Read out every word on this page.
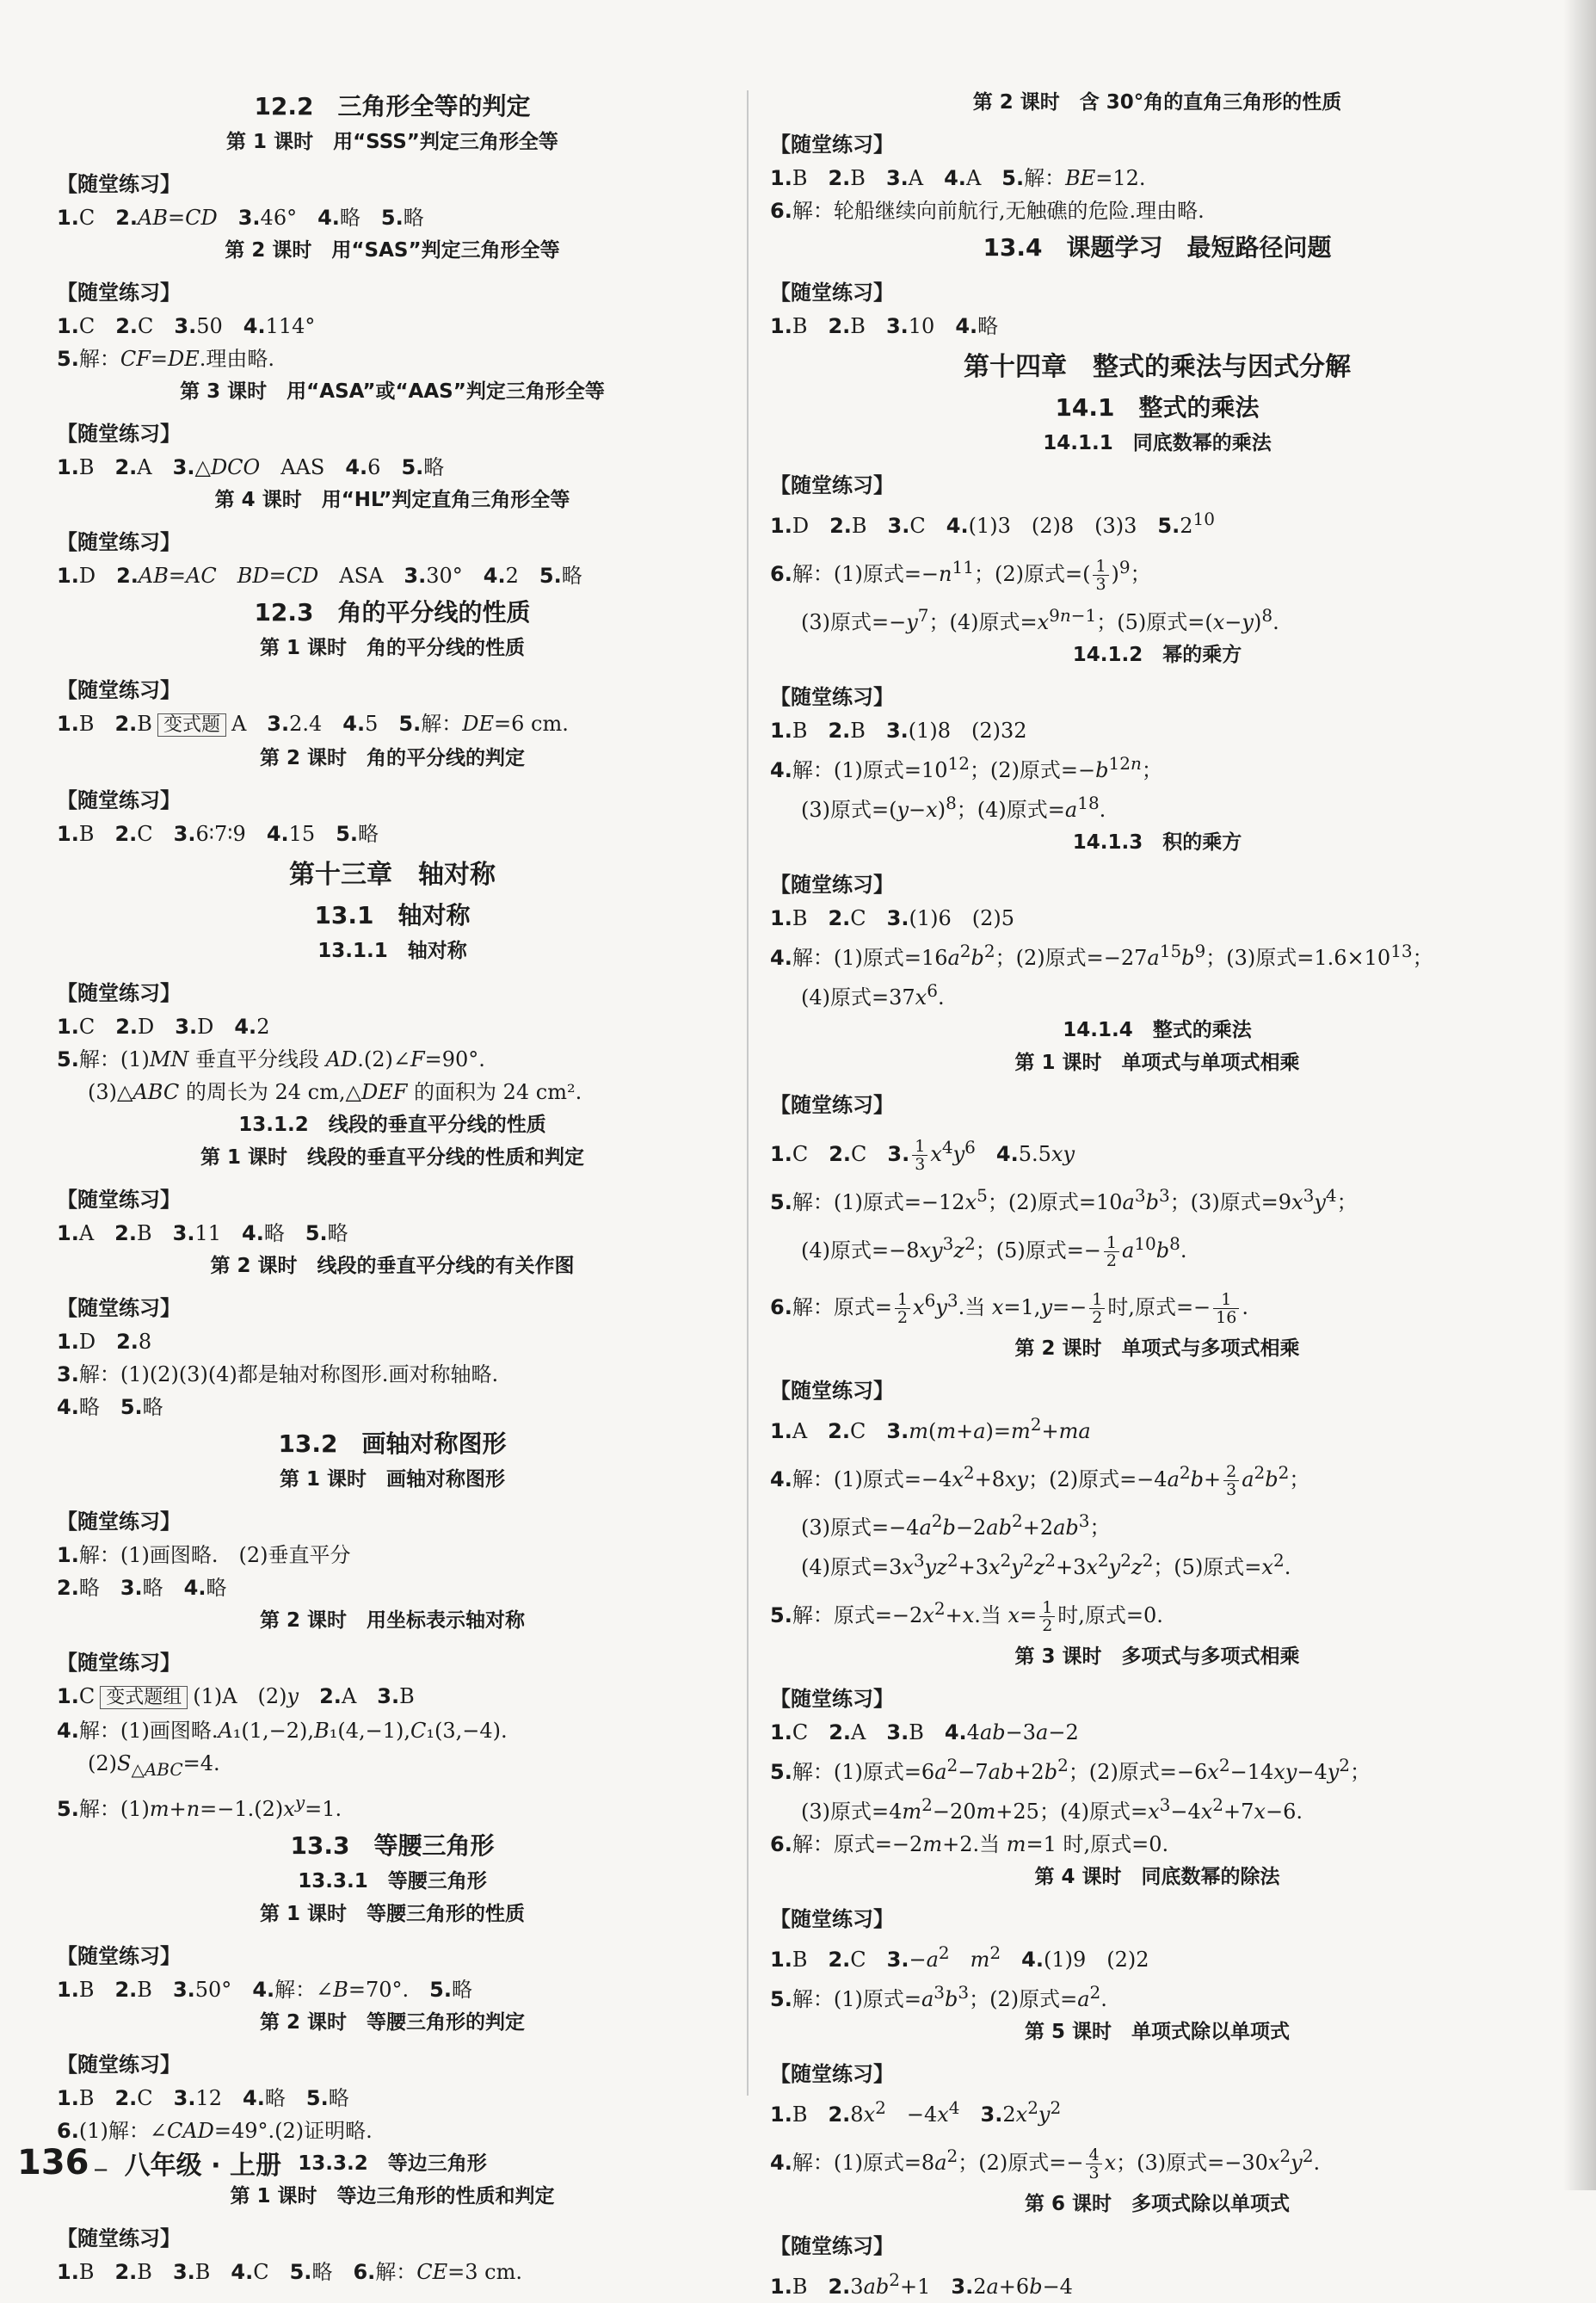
12.2　三角形全等的判定
第 1 课时　用“SSS”判定三角形全等
【随堂练习】
1.C　2.AB=CD　 3.46°　4.略　5.略
第 2 课时　用“SAS”判定三角形全等
【随堂练习】
1.C　2.C　3.50　4.114°
5.解：CF=DE.理由略.
第 3 课时　用“ASA”或“AAS”判定三角形全等
【随堂练习】
1.B　2.A　3.△DCO　AAS　4.6　5.略
第 4 课时　用“HL”判定直角三角形全等
【随堂练习】
1.D　2.AB=AC　 BD=CD　ASA　3.30°　4.2　5.略
12.3　角的平分线的性质
第 1 课时　角的平分线的性质
【随堂练习】
1.B　2.B 变式题 A　3.2.4　4.5　5.解：DE=6 cm.
第 2 课时　角的平分线的判定
【随堂练习】
1.B　2.C　3.6∶7∶9　4.15　5.略
第十三章　轴对称
13.1　轴对称
13.1.1　轴对称
【随堂练习】
1.C　2.D　3.D　4.2
5.解：(1)MN 垂直平分线段 AD.(2)∠F=90°.
(3)△ABC 的周长为 24 cm,△DEF 的面积为 24 cm².
13.1.2　线段的垂直平分线的性质
第 1 课时　线段的垂直平分线的性质和判定
【随堂练习】
1.A　2.B　3.11　4.略　5.略
第 2 课时　线段的垂直平分线的有关作图
【随堂练习】
1.D　2.8
3.解：(1)(2)(3)(4)都是轴对称图形.画对称轴略.
4.略　5.略
13.2　画轴对称图形
第 1 课时　画轴对称图形
【随堂练习】
1.解：(1)画图略.　(2)垂直平分
2.略　3.略　4.略
第 2 课时　用坐标表示轴对称
【随堂练习】
1.C 变式题组 (1)A　(2)y　 2.A　3.B
4.解：(1)画图略.A₁(1,−2),B₁(4,−1),C₁(3,−4).
$(2)S_{\triangle ABC}=4$.
5.解：$(1)m+n=-1.(2)x^y=1$.
13.3　等腰三角形
13.3.1　等腰三角形
第 1 课时　等腰三角形的性质
【随堂练习】
1.B　2.B　3.50°　4.解：∠B=70°.　5.略
第 2 课时　等腰三角形的判定
【随堂练习】
1.B　2.C　3.12　4.略　5.略
6.(1)解：∠CAD=49°.(2)证明略.
13.3.2　等边三角形
第 1 课时　等边三角形的性质和判定
【随堂练习】
1.B　2.B　3.B　4.C　5.略　6.解：CE=3 cm.
第 2 课时　含 30°角的直角三角形的性质
【随堂练习】
1.B　2.B　3.A　4.A　5.解：BE=12.
6.解：轮船继续向前航行,无触礁的危险.理由略.
13.4　课题学习　最短路径问题
【随堂练习】
1.B　2.B　3.10　4.略
第十四章　整式的乘法与因式分解
14.1　整式的乘法
14.1.1　同底数幂的乘法
【随堂练习】
1.D　2.B　3.C　4.(1)3　(2)8　(3)3　$5.2^{10}$
6.解：(1)原式$=-n^{11}$；(2)原式=( $\frac{1}{3} )^9$；
(3)原式$=-y^7$；(4)原式$=x^{9n-1}$；(5)原式$=(x-y)^8$.
14.1.2　幂的乘方
【随堂练习】
1.B　2.B　3.(1)8　(2)32
4.解：(1)原式$=10^{12}$；(2)原式$=-b^{12n}$；
(3)原式$=(y-x)^8$；(4)原式$=a^{18}$.
14.1.3　积的乘方
【随堂练习】
1.B　2.C　3.(1)6　(2)5
4.解：(1)原式$=16a^2b^2$；(2)原式$=-27a^{15}b^9$；(3)原式$=1.6\times 10^{13}$；
(4)原式$=37x^6$.
14.1.4　整式的乘法
第 1 课时　单项式与单项式相乘
【随堂练习】
1.C　2.C　3. $\frac{1}{3} x^4y^6$　 4.5.5xy
5.解：(1)原式$=-12x^5$；(2)原式$=10a^3b^3$；(3)原式$=9x^3y^4$；
(4)原式$=-8xy^3z^2$；(5)原式=− $\frac{1}{2} a^{10}b^8$.
6.解：原式= $\frac{1}{2} x^6y^3$.当 $x=1,y=- \frac{1}{2}$ 时,原式=− $\frac{1}{16}$ .
第 2 课时　单项式与多项式相乘
【随堂练习】
1.A　2.C　$3.m(m+a)=m^2+ma$
4.解：(1)原式$=-4x^2+8xy$；(2)原式$=-4a^2b+ \frac{2}{3} a^2b^2$；
(3)原式$=-4a^2b-2ab^2+2ab^3$；
(4)原式$=3x^3yz^2+3x^2y^2z^2+3x^2y^2z^2$；(5)原式$=x^2$.
5.解：原式$=-2x^2+x$.当 $x= \frac{1}{2}$ 时,原式=0.
第 3 课时　多项式与多项式相乘
【随堂练习】
1.C　2.A　3.B　4.4ab−3a−2
5.解：(1)原式$=6a^2-7ab+2b^2$；(2)原式$=-6x^2-14xy-4y^2$；
(3)原式$=4m^2-20m+25$；(4)原式$=x^3-4x^2+7x-6$.
6.解：原式=−2m+2.当 m=1 时,原式=0.
第 4 课时　同底数幂的除法
【随堂练习】
1.B　2.C　$3.-a^2$　 $m^2$　 4.(1)9　(2)2
5.解：(1)原式$=a^3b^3$；(2)原式$=a^2$.
第 5 课时　单项式除以单项式
【随堂练习】
1.B　$2.8x^2$　$-4x^4$　 $3.2x^2y^2$
4.解：(1)原式$=8a^2$；(2)原式=− $\frac{4}{3}$ x；(3)原式$=-30x^2y^2$.
第 6 课时　多项式除以单项式
【随堂练习】
1.B　$2.3ab^2+1$　3.2a+6b−4
136 — 八年级 · 上册
